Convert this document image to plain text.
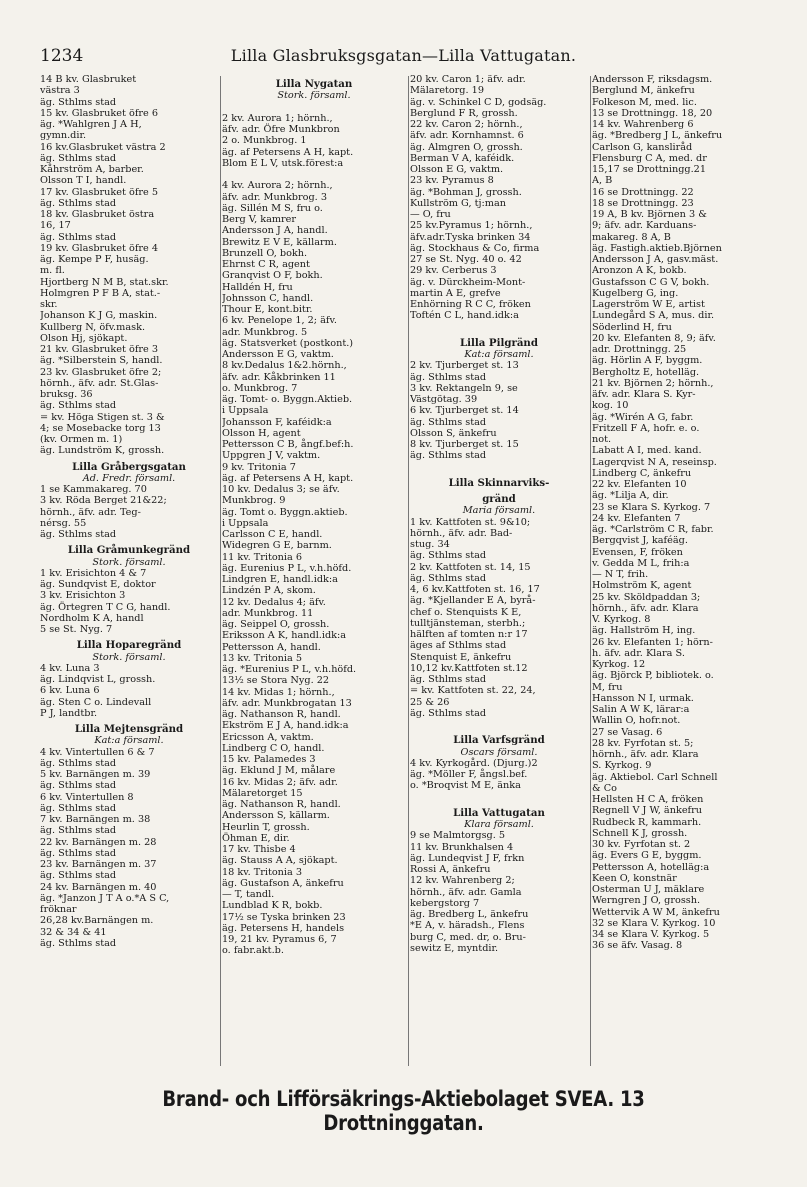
1234	Lilla Glasbruksgsgatan—Lilla Vattugatan.
14 B kv. Glasbruket
västra 3
äg. Sthlms stad
15 kv. Glasbruket öfre 6
äg. *Wahlgren J A H,
gymn.dir.
16 kv.Glasbruket västra 2
äg. Sthlms stad
Kåhrström A, barber.
Olsson T I, handl.
17 kv. Glasbruket öfre 5
äg. Sthlms stad
18 kv. Glasbruket östra
16, 17
äg. Sthlms stad
19 kv. Glasbruket öfre 4
äg. Kempe P F, husäg.
m. fl.
Hjortberg N M B, stat.skr.
Holmgren P F B A, stat.-
skr.
Johanson K J G, maskin.
Kullberg N, öfv.mask.
Olson Hj, sjökapt.
21 kv. Glasbruket öfre 3
äg. *Silberstein S, handl.
23 kv. Glasbruket öfre 2;
hörnh., äfv. adr. St.Glas-
bruksg. 36
äg. Sthlms stad
= kv. Höga Stigen st. 3 &
4; se Mosebacke torg 13
(kv. Ormen m. 1)
äg. Lundström K, grossh.
Lilla Gråbergsgatan
Ad. Fredr. församl.
1 se Kammakareg. 70
3 kv. Röda Berget 21&22;
hörnh., äfv. adr. Teg-
nérsg. 55
äg. Sthlms stad
Lilla Gråmunkegränd
Stork. församl.
1 kv. Erisichton 4 & 7
äg. Sundqvist E, doktor
3 kv. Erisichton 3
äg. Örtegren T C G, handl.
Nordholm K A, handl
5 se St. Nyg. 7
Lilla Hoparegränd
Stork. församl.
4 kv. Luna 3
äg. Lindqvist L, grossh.
6 kv. Luna 6
äg. Sten C o. Lindevall
P J, landtbr.
Lilla Mejtensgränd
Kat:a församl.
4 kv. Vintertullen 6 & 7
äg. Sthlms stad
5 kv. Barnängen m. 39
äg. Sthlms stad
6 kv. Vintertullen 8
äg. Sthlms stad
7 kv. Barnängen m. 38
äg. Sthlms stad
22 kv. Barnängen m. 28
äg. Sthlms stad
23 kv. Barnängen m. 37
äg. Sthlms stad
24 kv. Barnängen m. 40
äg. *Janzon J T A o.*A S C,
fröknar
26,28 kv.Barnängen m.
32 & 34 & 41
äg. Sthlms stad
Lilla Nygatan
Stork. församl.

2 kv. Aurora 1; hörnh.,
äfv. adr. Öfre Munkbron
2 o. Munkbrog. 1
äg. af Petersens A H, kapt.
Blom E L V, utsk.förest:a

4 kv. Aurora 2; hörnh.,
äfv. adr. Munkbrog. 3
äg. Sillén M S, fru o.
Berg V, kamrer
Andersson J A, handl.
Brewitz E V E, källarm.
Brunzell O, bokh.
Ehrnst C R, agent
Granqvist O F, bokh.
Halldén H, fru
Johnsson C, handl.
Thour E, kont.bitr.
6 kv. Penelope 1, 2; äfv.
adr. Munkbrog. 5
äg. Statsverket (postkont.)
Andersson E G, vaktm.
8 kv.Dedalus 1&2.hörnh.,
äfv. adr. Kåkbrinken 11
o. Munkbrog. 7
äg. Tomt- o. Byggn.Aktieb.
i Uppsala
Johansson F, kaféidk:a
Olsson H, agent
Pettersson C B, ångf.bef:h.
Uppgren J V, vaktm.
9 kv. Tritonia 7
äg. af Petersens A H, kapt.
10 kv. Dedalus 3; se äfv.
Munkbrog. 9
äg. Tomt o. Byggn.aktieb.
i Uppsala
Carlsson C E, handl.
Widegren G E, barnm.
11 kv. Tritonia 6
äg. Eurenius P L, v.h.höfd.
Lindgren E, handl.idk:a
Lindzén P A, skom.
12 kv. Dedalus 4; äfv.
adr. Munkbrog. 11
äg. Seippel O, grossh.
Eriksson A K, handl.idk:a
Pettersson A, handl.
13 kv. Tritonia 5
äg. *Eurenius P L, v.h.höfd.
13½ se Stora Nyg. 22
14 kv. Midas 1; hörnh.,
äfv. adr. Munkbrogatan 13
äg. Nathanson R, handl.
Ekström E J A, hand.idk:a
Ericsson A, vaktm.
Lindberg C O, handl.
15 kv. Palamedes 3
äg. Eklund J M, målare
16 kv. Midas 2; äfv. adr.
Mälaretorget 15
äg. Nathanson R, handl.
Andersson S, källarm.
Heurlin T, grossh.
Öhman E, dir.
17 kv. Thisbe 4
äg. Stauss A A, sjökapt.
18 kv. Tritonia 3
äg. Gustafson A, änkefru
— T, tandl.
Lundblad K R, bokb.
17½ se Tyska brinken 23
äg. Petersens H, handels
19, 21 kv. Pyramus 6, 7
o. fabr.akt.b.
20 kv. Caron 1; äfv. adr.
Mälaretorg. 19
äg. v. Schinkel C D, godsäg.
Berglund F R, grossh.
22 kv. Caron 2; hörnh.,
äfv. adr. Kornhamnst. 6
äg. Almgren O, grossh.
Berman V A, kaféidk.
Olsson E G, vaktm.
23 kv. Pyramus 8
äg. *Bohman J, grossh.
Kullström G, tj:man
— O, fru
25 kv.Pyramus 1; hörnh.,
äfv.adr.Tyska brinken 34
äg. Stockhaus & Co, firma
27 se St. Nyg. 40 o. 42
29 kv. Cerberus 3
äg. v. Dürckheim-Mont-
martin A E, grefve
Enhörning R C C, fröken
Toftén C L, hand.idk:a

Lilla Pilgränd
Kat:a församl.
2 kv. Tjurberget st. 13
äg. Sthlms stad
3 kv. Rektangeln 9, se
Västgötag. 39
6 kv. Tjurberget st. 14
äg. Sthlms stad
Olsson S, änkefru
8 kv. Tjurberget st. 15
äg. Sthlms stad

Lilla Skinnarviks-
gränd
Maria församl.
1 kv. Kattfoten st. 9&10;
hörnh., äfv. adr. Bad-
stug. 34
äg. Sthlms stad
2 kv. Kattfoten st. 14, 15
äg. Sthlms stad
4, 6 kv.Kattfoten st. 16, 17
äg. *Kjellander E A, byrå-
chef o. Stenquists K E,
tulltjänsteman, sterbh.;
hälften af tomten n:r 17
äges af Sthlms stad
Stenquist E, änkefru
10,12 kv.Kattfoten st.12
äg. Sthlms stad
= kv. Kattfoten st. 22, 24,
25 & 26
äg. Sthlms stad

Lilla Varfsgränd
Oscars församl.
4 kv. Kyrkogård. (Djurg.)2
äg. *Möller F, ångsl.bef.
o. *Broqvist M E, änka

Lilla Vattugatan
Klara församl.
9 se Malmtorgsg. 5
11 kv. Brunkhalsen 4
äg. Lundeqvist J F, frkn
Rossi A, änkefru
12 kv. Wahrenberg 2;
hörnh., äfv. adr. Gamla
kebergstorg 7
äg. Bredberg L, änkefru
*E A, v. häradsh., Flens
burg C, med. dr, o. Bru-
sewitz E, myntdir.
Andersson F, riksdagsm.
Berglund M, änkefru
Folkeson M, med. lic.
13 se Drottningg. 18, 20
14 kv. Wahrenberg 6
äg. *Bredberg J L, änkefru
Carlson G, kansliråd
Flensburg C A, med. dr
15,17 se Drottningg.21
A, B
16 se Drottningg. 22
18 se Drottningg. 23
19 A, B kv. Björnen 3 &
9; äfv. adr. Karduans-
makareg. 8 A, B
äg. Fastigh.aktieb.Björnen
Andersson J A, gasv.mäst.
Aronzon A K, bokb.
Gustafsson C G V, bokh.
Kugelberg G, ing.
Lagerström W E, artist
Lundegård S A, mus. dir.
Söderlind H, fru
20 kv. Elefanten 8, 9; äfv.
adr. Drottningg. 25
äg. Hörlin A F, byggm.
Bergholtz E, hotelläg.
21 kv. Björnen 2; hörnh.,
äfv. adr. Klara S. Kyr-
kog. 10
äg. *Wirén A G, fabr.
Fritzell F A, hofr. e. o.
not.
Labatt A I, med. kand.
Lagerqvist N A, reseinsp.
Lindberg C, änkefru
22 kv. Elefanten 10
äg. *Lilja A, dir.
23 se Klara S. Kyrkog. 7
24 kv. Elefanten 7
äg. *Carlström C R, fabr.
Bergqvist J, kaféäg.
Evensen, F, fröken
v. Gedda M L, frih:a
— N T, frih.
Holmström K, agent
25 kv. Sköldpaddan 3;
hörnh., äfv. adr. Klara
V. Kyrkog. 8
äg. Hallström H, ing.
26 kv. Elefanten 1; hörn-
h. äfv. adr. Klara S.
Kyrkog. 12
äg. Björck P, bibliotek. o.
M, fru
Hansson N I, urmak.
Salin A W K, lärar:a
Wallin O, hofr.not.
27 se Vasag. 6
28 kv. Fyrfotan st. 5;
hörnh., äfv. adr. Klara
S. Kyrkog. 9
äg. Aktiebol. Carl Schnell
& Co
Hellsten H C A, fröken
Regnell V J W, änkefru
Rudbeck R, kammarh.
Schnell K J, grossh.
30 kv. Fyrfotan st. 2
äg. Evers G E, byggm.
Pettersson A, hotelläg:a
Keen O, konstnär
Osterman U J, mäklare
Werngren J O, grossh.
Wettervik A W M, änkefru
32 se Klara V. Kyrkog. 10
34 se Klara V. Kyrkog. 5
36 se äfv. Vasag. 8
Brand- och Lifförsäkrings-Aktiebolaget SVEA. 13 Drottninggatan.
